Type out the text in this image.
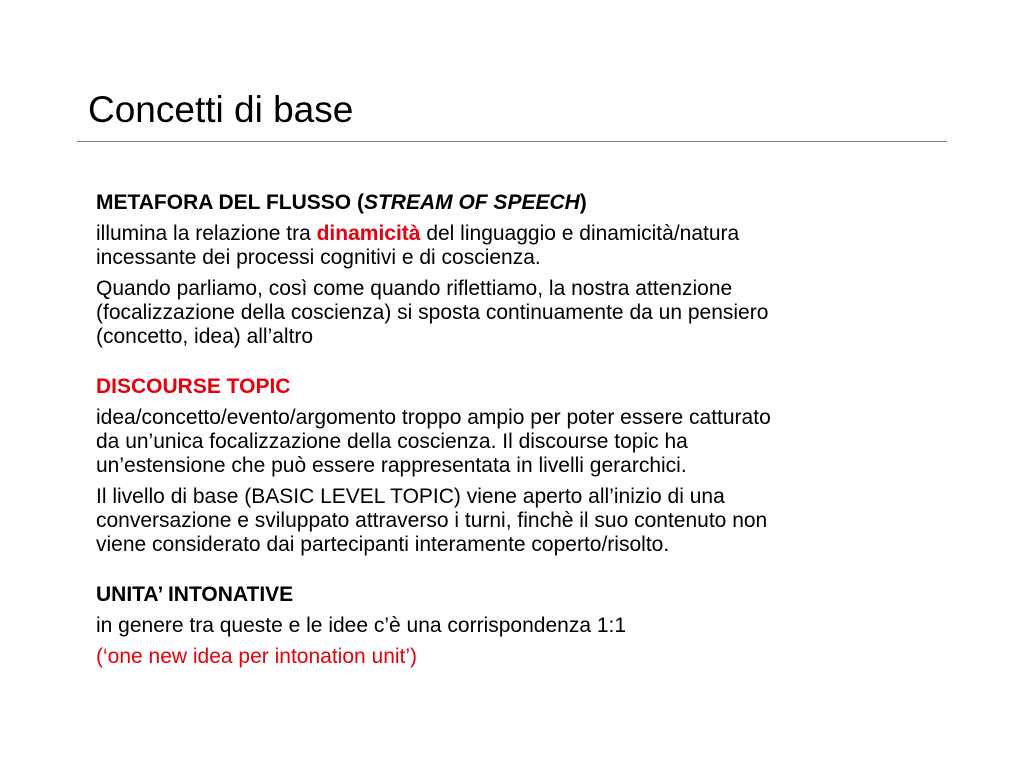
Concetti di base
METAFORA DEL FLUSSO (STREAM OF SPEECH)
illumina la relazione tra dinamicità del linguaggio e dinamicità/natura
incessante dei processi cognitivi e di coscienza.
Quando parliamo, così come quando riflettiamo, la nostra attenzione
(focalizzazione della coscienza) si sposta continuamente da un pensiero
(concetto, idea) all’altro
DISCOURSE TOPIC
idea/concetto/evento/argomento troppo ampio per poter essere catturato
da un’unica focalizzazione della coscienza. Il discourse topic ha
un’estensione che può essere rappresentata in livelli gerarchici.
Il livello di base (BASIC LEVEL TOPIC) viene aperto all’inizio di una
conversazione e sviluppato attraverso i turni, finchè il suo contenuto non
viene considerato dai partecipanti interamente coperto/risolto.
UNITA’ INTONATIVE
in genere tra queste e le idee c’è una corrispondenza 1:1
(‘one new idea per intonation unit’)
